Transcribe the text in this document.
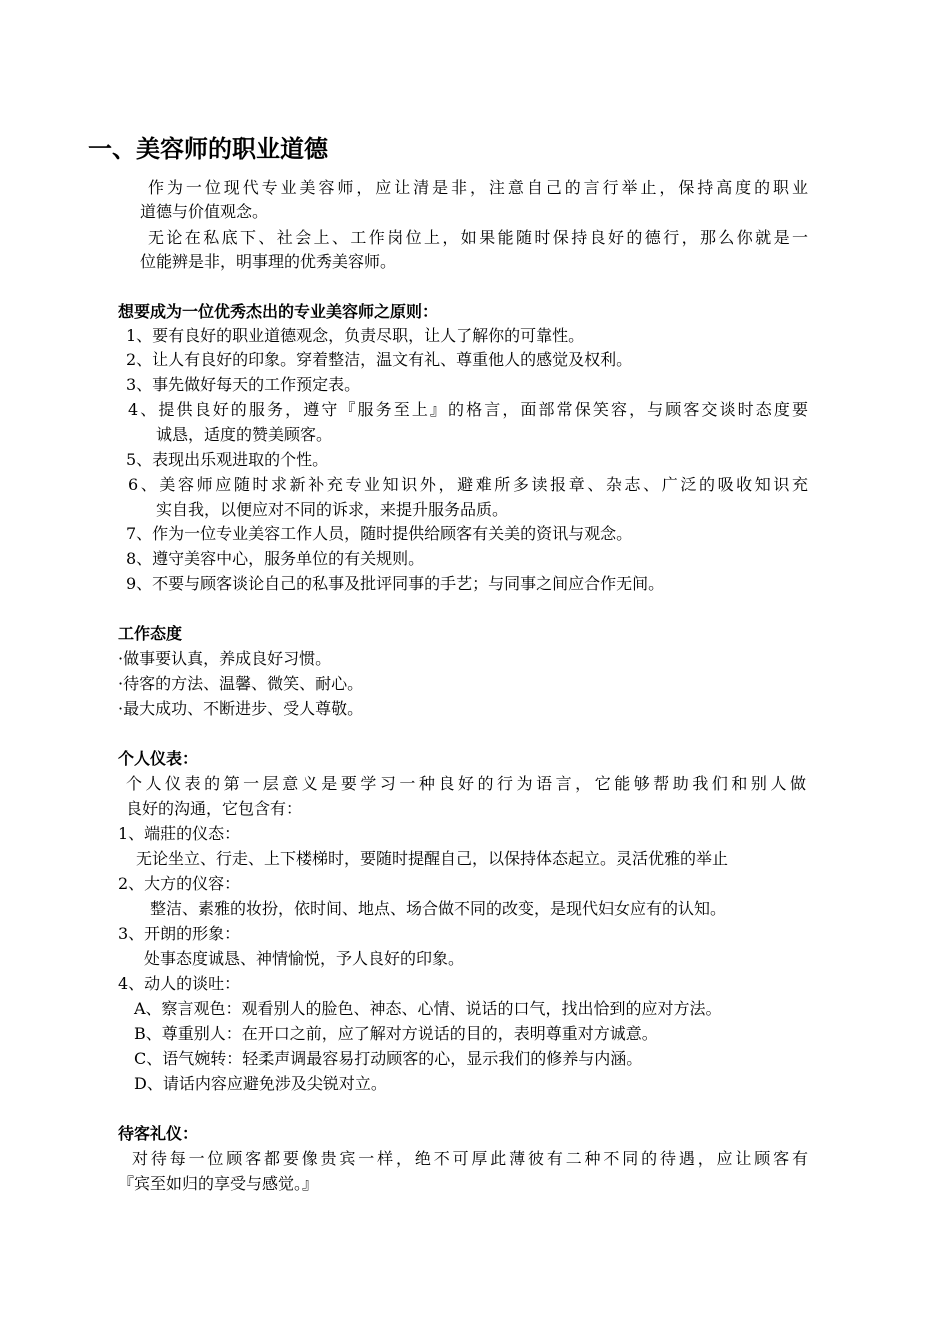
一、美容师的职业道德
作为一位现代专业美容师，应让清是非，注意自己的言行举止，保持高度的职业
道德与价值观念。
无论在私底下、社会上、工作岗位上，如果能随时保持良好的德行，那么你就是一
位能辨是非，明事理的优秀美容师。
想要成为一位优秀杰出的专业美容师之原则：
1、要有良好的职业道德观念，负责尽职，让人了解你的可靠性。
2、让人有良好的印象。穿着整洁，温文有礼、尊重他人的感觉及权利。
3、事先做好每天的工作预定表。
4、提供良好的服务，遵守『服务至上』的格言，面部常保笑容，与顾客交谈时态度要
诚恳，适度的赞美顾客。
5、表现出乐观进取的个性。
6、美容师应随时求新补充专业知识外，避难所多读报章、杂志、广泛的吸收知识充
实自我，以便应对不同的诉求，来提升服务品质。
7、作为一位专业美容工作人员，随时提供给顾客有关美的资讯与观念。
8、遵守美容中心，服务单位的有关规则。
9、不要与顾客谈论自己的私事及批评同事的手艺；与同事之间应合作无间。
工作态度
·做事要认真，养成良好习惯。
·待客的方法、温馨、微笑、耐心。
·最大成功、不断进步、受人尊敬。
个人仪表：
个人仪表的第一层意义是要学习一种良好的行为语言，它能够帮助我们和别人做
良好的沟通，它包含有：
1、端莊的仪态：
无论坐立、行走、上下楼梯时，要随时提醒自己，以保持体态起立。灵活优雅的举止
2、大方的仪容：
整洁、素雅的妆扮，依时间、地点、场合做不同的改变，是现代妇女应有的认知。
3、开朗的形象：
处事态度诚恳、神情愉悦，予人良好的印象。
4、动人的谈吐：
A、察言观色：观看别人的脸色、神态、心情、说话的口气，找出恰到的应对方法。
B、尊重别人：在开口之前，应了解对方说话的目的，表明尊重对方诚意。
C、语气婉转：轻柔声调最容易打动顾客的心，显示我们的修养与内涵。
D、请话内容应避免涉及尖锐对立。
待客礼仪：
对待每一位顾客都要像贵宾一样，绝不可厚此薄彼有二种不同的待遇，应让顾客有
『宾至如归的享受与感觉。』
